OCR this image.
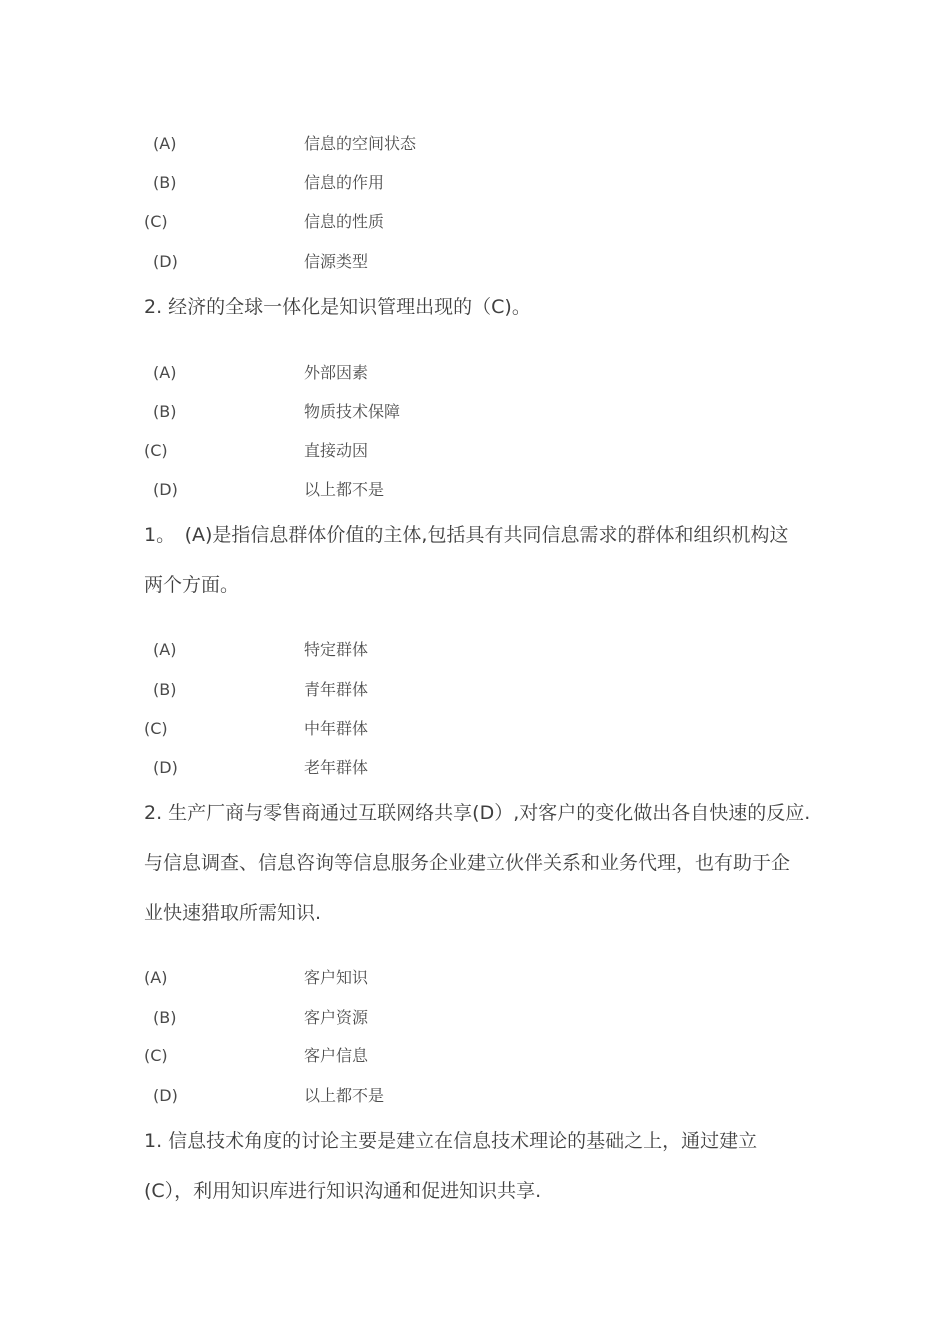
(A)	信息的空间状态
(B)	信息的作用
(C)	信息的性质
(D)	信源类型
2. 经济的全球一体化是知识管理出现的（C)。
(A)	外部因素
(B)	物质技术保障
(C)	直接动因
(D)	以上都不是
1。　(A)是指信息群体价值的主体,包括具有共同信息需求的群体和组织机构这
两个方面。
(A)	特定群体
(B)	青年群体
(C)	中年群体
(D)	老年群体
2. 生产厂商与零售商通过互联网络共享(D）,对客户的变化做出各自快速的反应.
与信息调查、信息咨询等信息服务企业建立伙伴关系和业务代理，也有助于企
业快速猎取所需知识.
(A)	客户知识
(B)	客户资源
(C)	客户信息
(D)	以上都不是
1. 信息技术角度的讨论主要是建立在信息技术理论的基础之上，通过建立
(C），利用知识库进行知识沟通和促进知识共享.
